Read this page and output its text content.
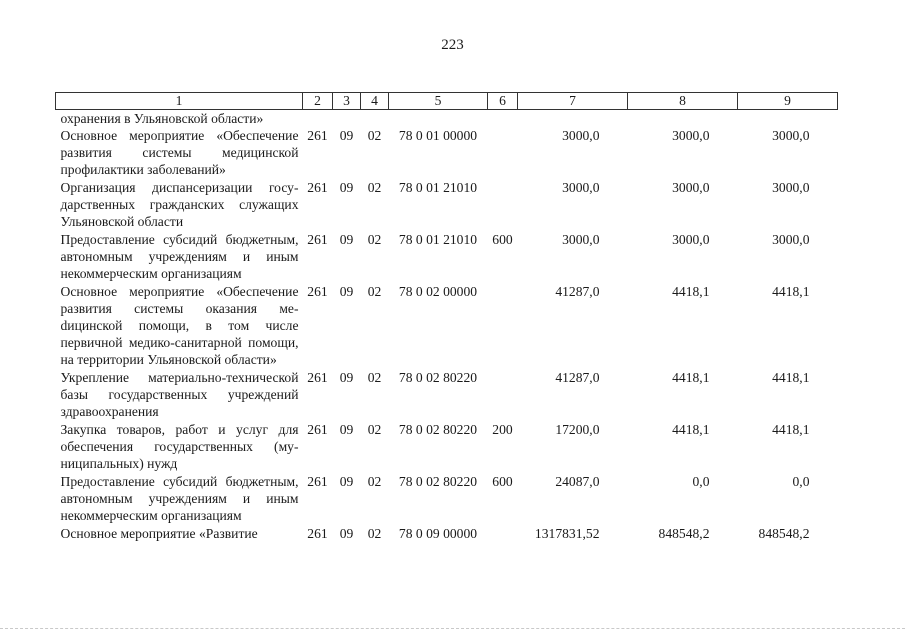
223
1	2	3	4	5	6	7	8	9
охранения в Ульяновской области»								
Основное мероприятие «Обеспечение развития системы медицинской профилактики заболеваний»	261	09	02	78 0 01 00000		3000,0	3000,0	3000,0
Организация диспансеризации государственных гражданских служащих Ульяновской области	261	09	02	78 0 01 21010		3000,0	3000,0	3000,0
Предоставление субсидий бюджетным, автономным учреждениям и иным некоммерческим организациям	261	09	02	78 0 01 21010	600	3000,0	3000,0	3000,0
Основное мероприятие «Обеспечение развития системы оказания меdицинской помощи, в том числе первичной медико-санитарной помощи, на территории Ульяновской области»	261	09	02	78 0 02 00000		41287,0	4418,1	4418,1
Укрепление материально-технической базы государственных учреждений здравоохранения	261	09	02	78 0 02 80220		41287,0	4418,1	4418,1
Закупка товаров, работ и услуг для обеспечения государственных (муниципальных) нужд	261	09	02	78 0 02 80220	200	17200,0	4418,1	4418,1
Предоставление субсидий бюджетным, автономным учреждениям и иным некоммерческим организациям	261	09	02	78 0 02 80220	600	24087,0	0,0	0,0
Основное мероприятие «Развитие	261	09	02	78 0 09 00000		1317831,52	848548,2	848548,2
